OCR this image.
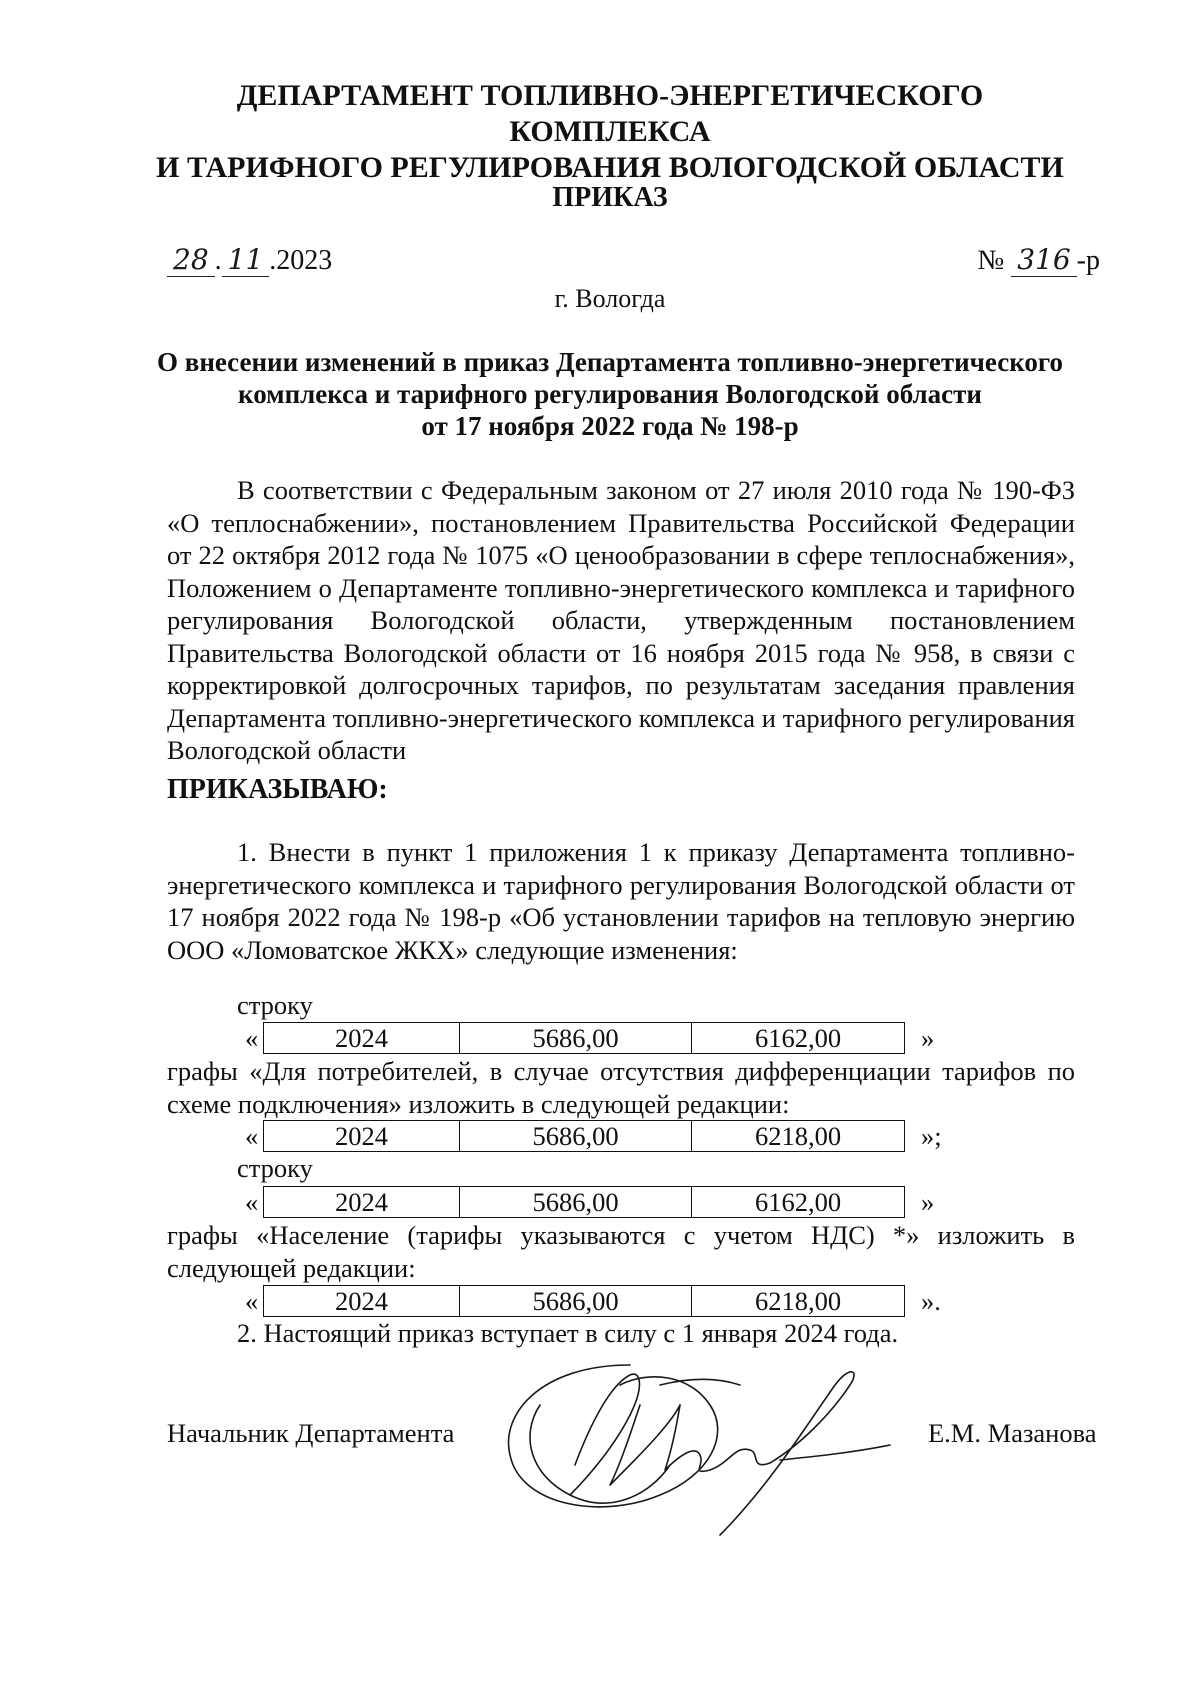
ДЕПАРТАМЕНТ ТОПЛИВНО-ЭНЕРГЕТИЧЕСКОГО КОМПЛЕКСА
И ТАРИФНОГО РЕГУЛИРОВАНИЯ ВОЛОГОДСКОЙ ОБЛАСТИ
ПРИКАЗ
28 . 11 .2023	№ 316 -р
г. Вологда
О внесении изменений в приказ Департамента топливно-энергетического
комплекса и тарифного регулирования Вологодской области
от 17 ноября 2022 года № 198-р
В соответствии с Федеральным законом от 27 июля 2010 года № 190-ФЗ «О теплоснабжении», постановлением Правительства Российской Федерации от 22 октября 2012 года № 1075 «О ценообразовании в сфере теплоснабжения», Положением о Департаменте топливно-энергетического комплекса и тарифного регулирования Вологодской области, утвержденным постановлением Правительства Вологодской области от 16 ноября 2015 года № 958, в связи с корректировкой долгосрочных тарифов, по результатам заседания правления Департамента топливно-энергетического комплекса и тарифного регулирования Вологодской области
ПРИКАЗЫВАЮ:
1. Внести в пункт 1 приложения 1 к приказу Департамента топливно-энергетического комплекса и тарифного регулирования Вологодской области от 17 ноября 2022 года № 198-р «Об установлении тарифов на тепловую энергию ООО «Ломоватское ЖКХ» следующие изменения:
строку
«	2024	5686,00	6162,00	»
графы «Для потребителей, в случае отсутствия дифференциации тарифов по схеме подключения» изложить в следующей редакции:
«	2024	5686,00	6218,00	»;
строку
«	2024	5686,00	6162,00	»
графы «Население (тарифы указываются с учетом НДС) *» изложить в следующей редакции:
«	2024	5686,00	6218,00	».
2. Настоящий приказ вступает в силу с 1 января 2024 года.
Начальник Департамента	Е.М. Мазанова
